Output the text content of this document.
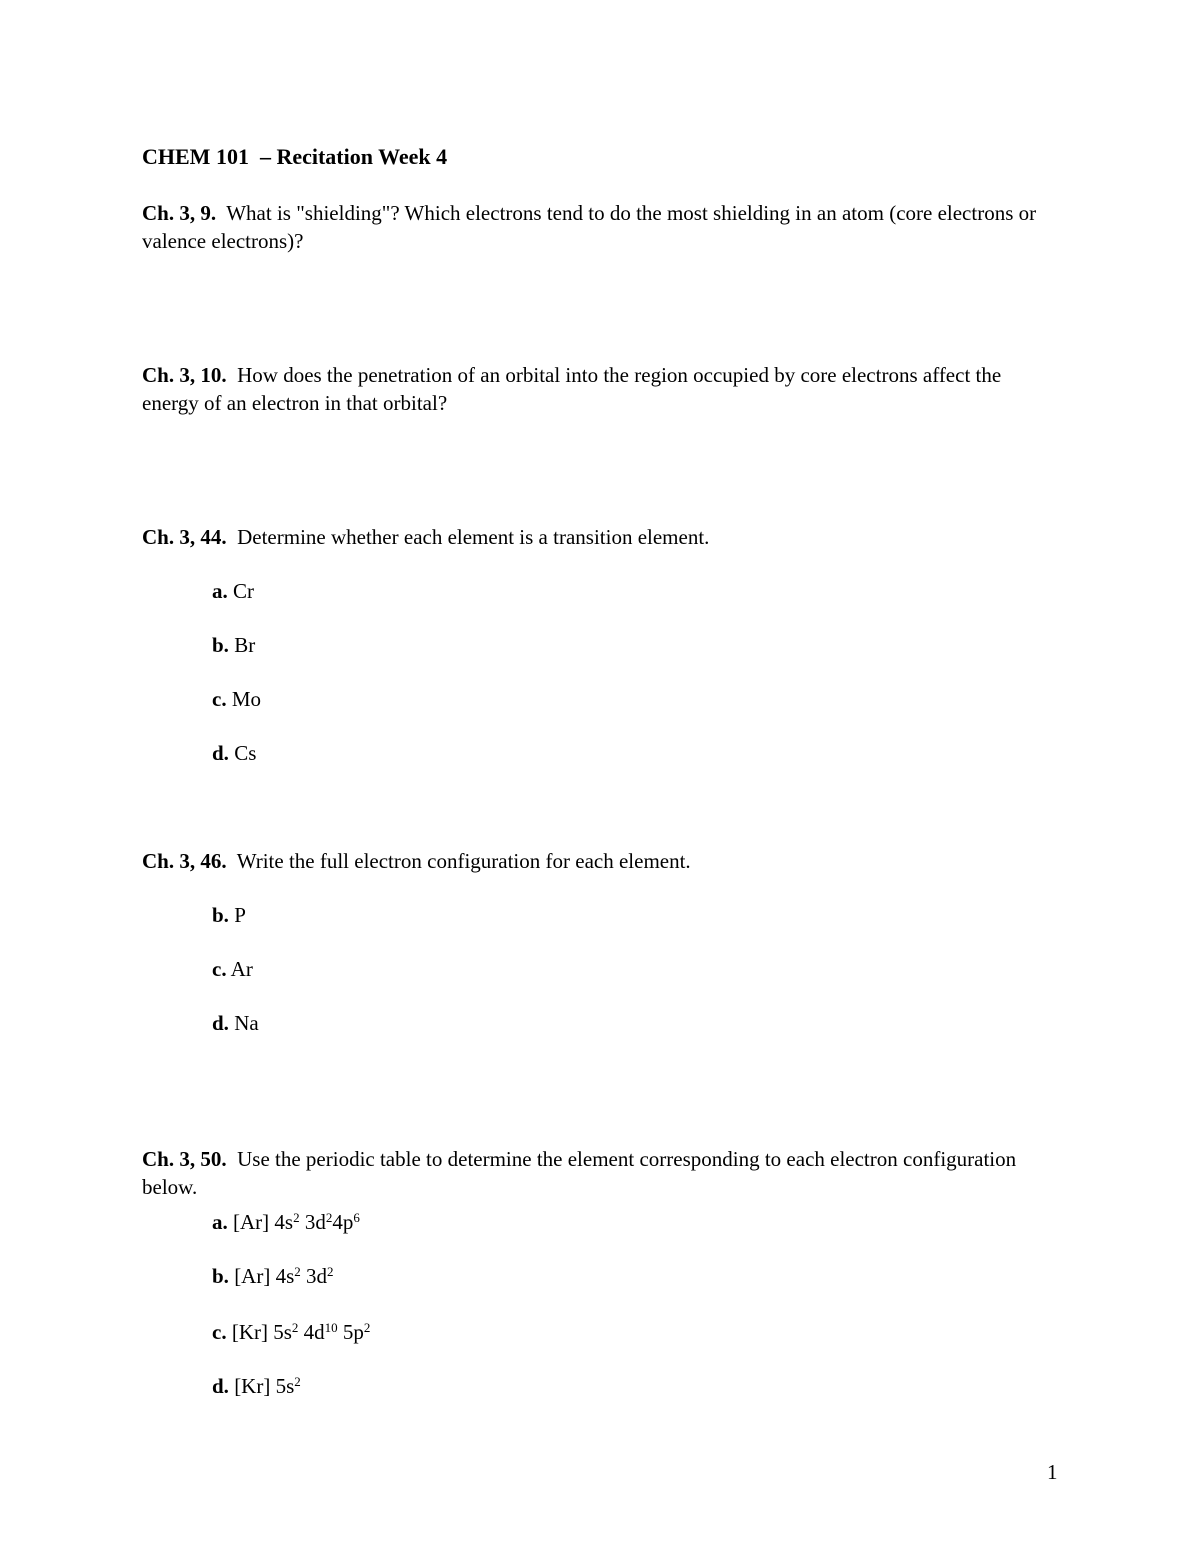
CHEM 101  – Recitation Week 4
Ch. 3, 9. What is "shielding"? Which electrons tend to do the most shielding in an atom (core electrons or valence electrons)?
Ch. 3, 10. How does the penetration of an orbital into the region occupied by core electrons affect the energy of an electron in that orbital?
Ch. 3, 44. Determine whether each element is a transition element.
a. Cr
b. Br
c. Mo
d. Cs
Ch. 3, 46. Write the full electron configuration for each element.
b. P
c. Ar
d. Na
Ch. 3, 50. Use the periodic table to determine the element corresponding to each electron configuration below.
a. [Ar] $4s^2$ $3d^24p^6$
b. [Ar] $4s^2$ $3d^2$
c. [Kr] $5s^2$ $4d^{10}$ $5p^2$
d. [Kr] $5s^2$
1
